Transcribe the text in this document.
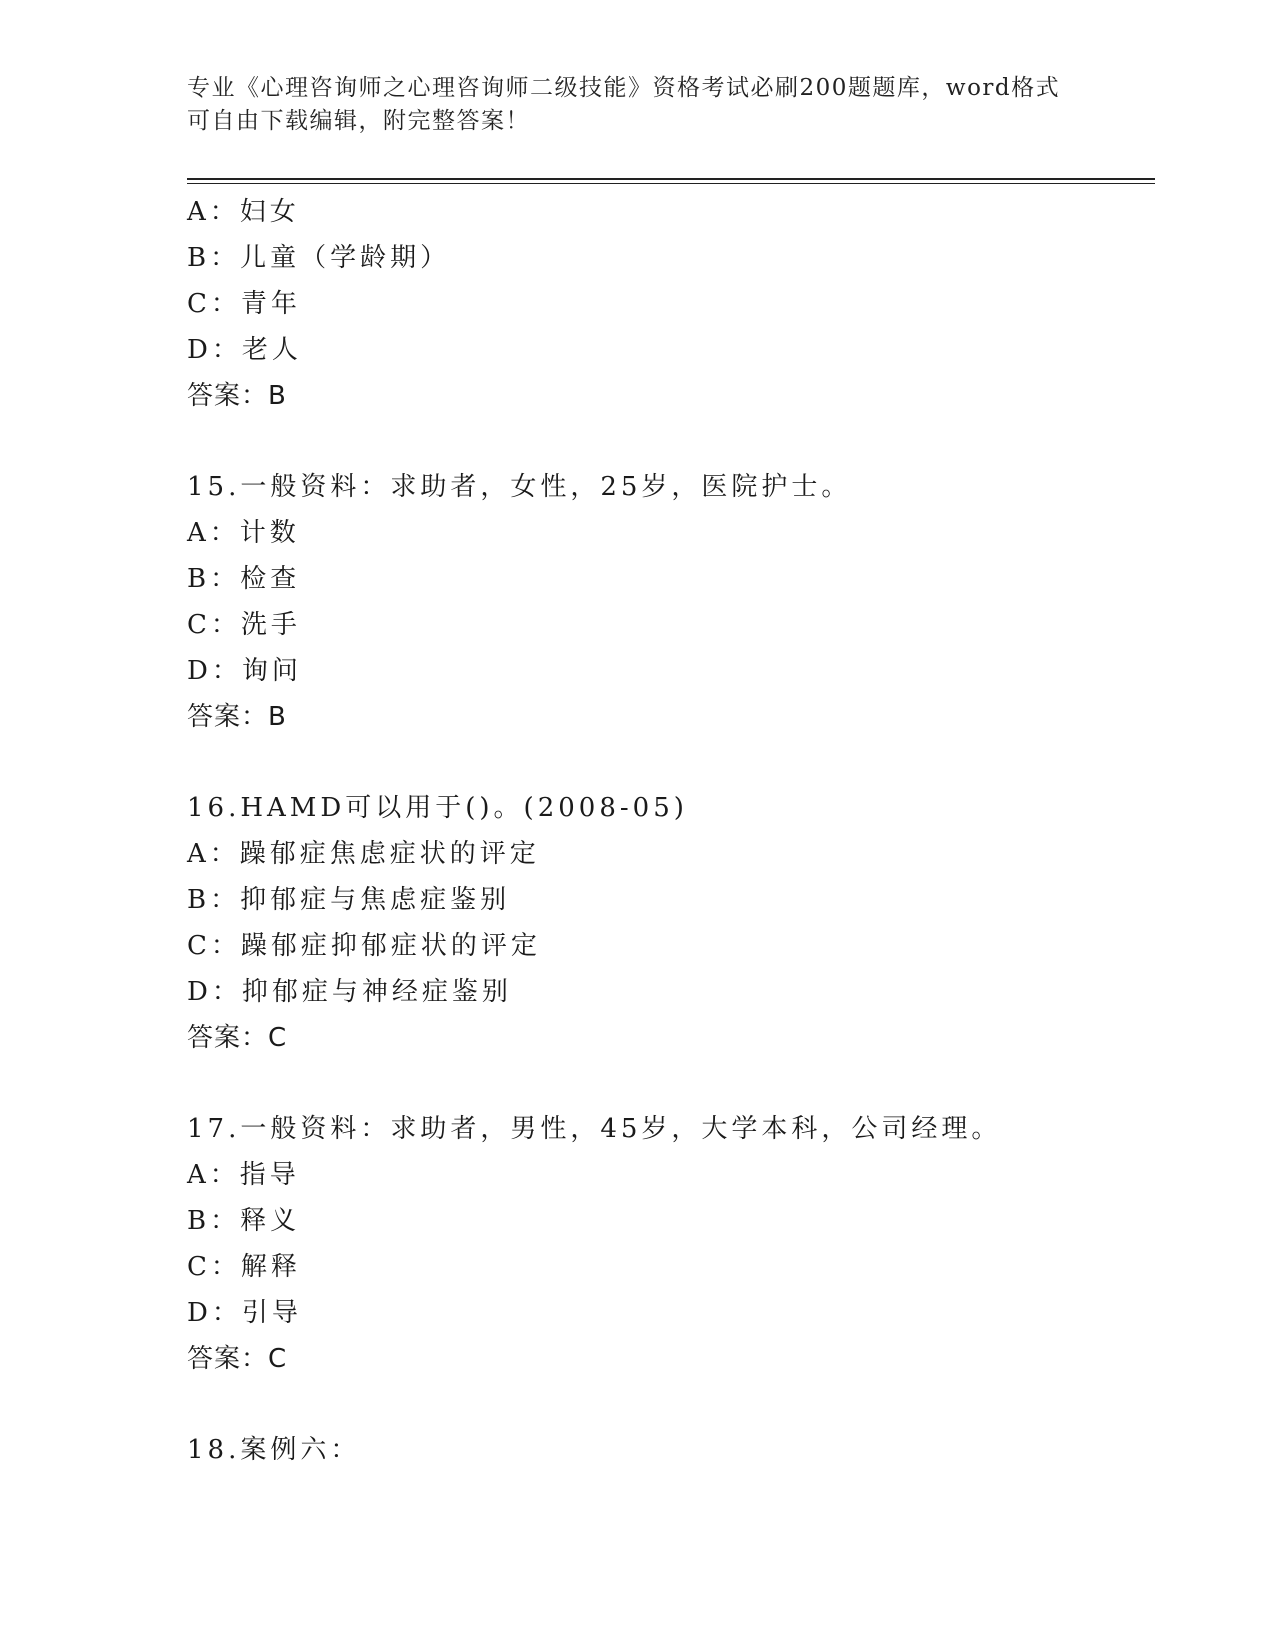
专业《心理咨询师之心理咨询师二级技能》资格考试必刷200题题库，word格式
可自由下载编辑，附完整答案！
A：妇女
B：儿童（学龄期）
C：青年
D：老人
答案：B
15.一般资料：求助者，女性，25岁，医院护士。
A：计数
B：检查
C：洗手
D：询问
答案：B
16.HAMD可以用于()。(2008-05)
A：躁郁症焦虑症状的评定
B：抑郁症与焦虑症鉴别
C：躁郁症抑郁症状的评定
D：抑郁症与神经症鉴别
答案：C
17.一般资料：求助者，男性，45岁，大学本科，公司经理。
A：指导
B：释义
C：解释
D：引导
答案：C
18.案例六：
